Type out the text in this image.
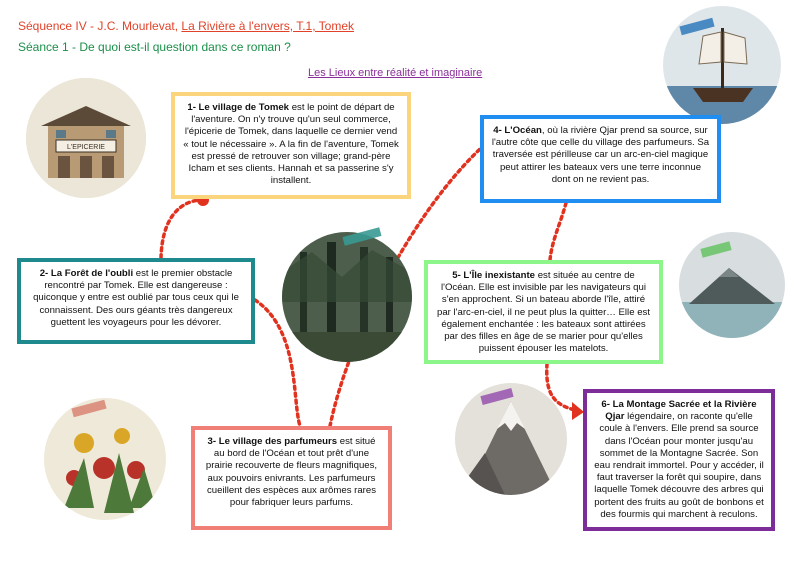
Séquence IV - J.C. Mourlevat, La Rivière à l'envers, T.1, Tomek
Séance 1 - De quoi est-il question dans ce roman ?
Les Lieux entre réalité et imaginaire
L'EPICERIE
1- Le village de Tomek est le point de départ de l'aventure. On n'y trouve qu'un seul commerce, l'épicerie de Tomek, dans laquelle ce dernier vend « tout le nécessaire ». A la fin de l'aventure, Tomek est pressé de retrouver son village; grand-père Icham et ses clients. Hannah et sa passerine s'y installent.
2- La Forêt de l'oubli est le premier obstacle rencontré par Tomek. Elle est dangereuse : quiconque y entre est oublié par tous ceux qui le connaissent. Des ours géants très dangereux guettent les voyageurs pour les dévorer.
3- Le village des parfumeurs est situé au bord de l'Océan et tout prêt d'une prairie recouverte de fleurs magnifiques, aux pouvoirs enivrants. Les parfumeurs cueillent des espèces aux arômes rares pour fabriquer leurs parfums.
4- L'Océan, où la rivière Qjar prend sa source, sur l'autre côte que celle du village des parfumeurs. Sa traversée est périlleuse car un arc-en-ciel magique peut attirer les bateaux vers une terre inconnue dont on ne revient pas.
5- L'Île inexistante est située au centre de l'Océan. Elle est invisible par les navigateurs qui s'en approchent. Si un bateau aborde l'île, attiré par l'arc-en-ciel, il ne peut plus la quitter… Elle est également enchantée : les bateaux sont attirées par des filles en âge de se marier pour qu'elles puissent épouser les matelots.
6- La Montage Sacrée et la Rivière Qjar légendaire, on raconte qu'elle coule à l'envers. Elle prend sa source dans l'Océan pour monter jusqu'au sommet de la Montagne Sacrée. Son eau rendrait immortel. Pour y accéder, il faut traverser la forêt qui soupire, dans laquelle Tomek découvre des arbres qui portent des fruits au goût de bonbons et des fourmis qui marchent à reculons.
